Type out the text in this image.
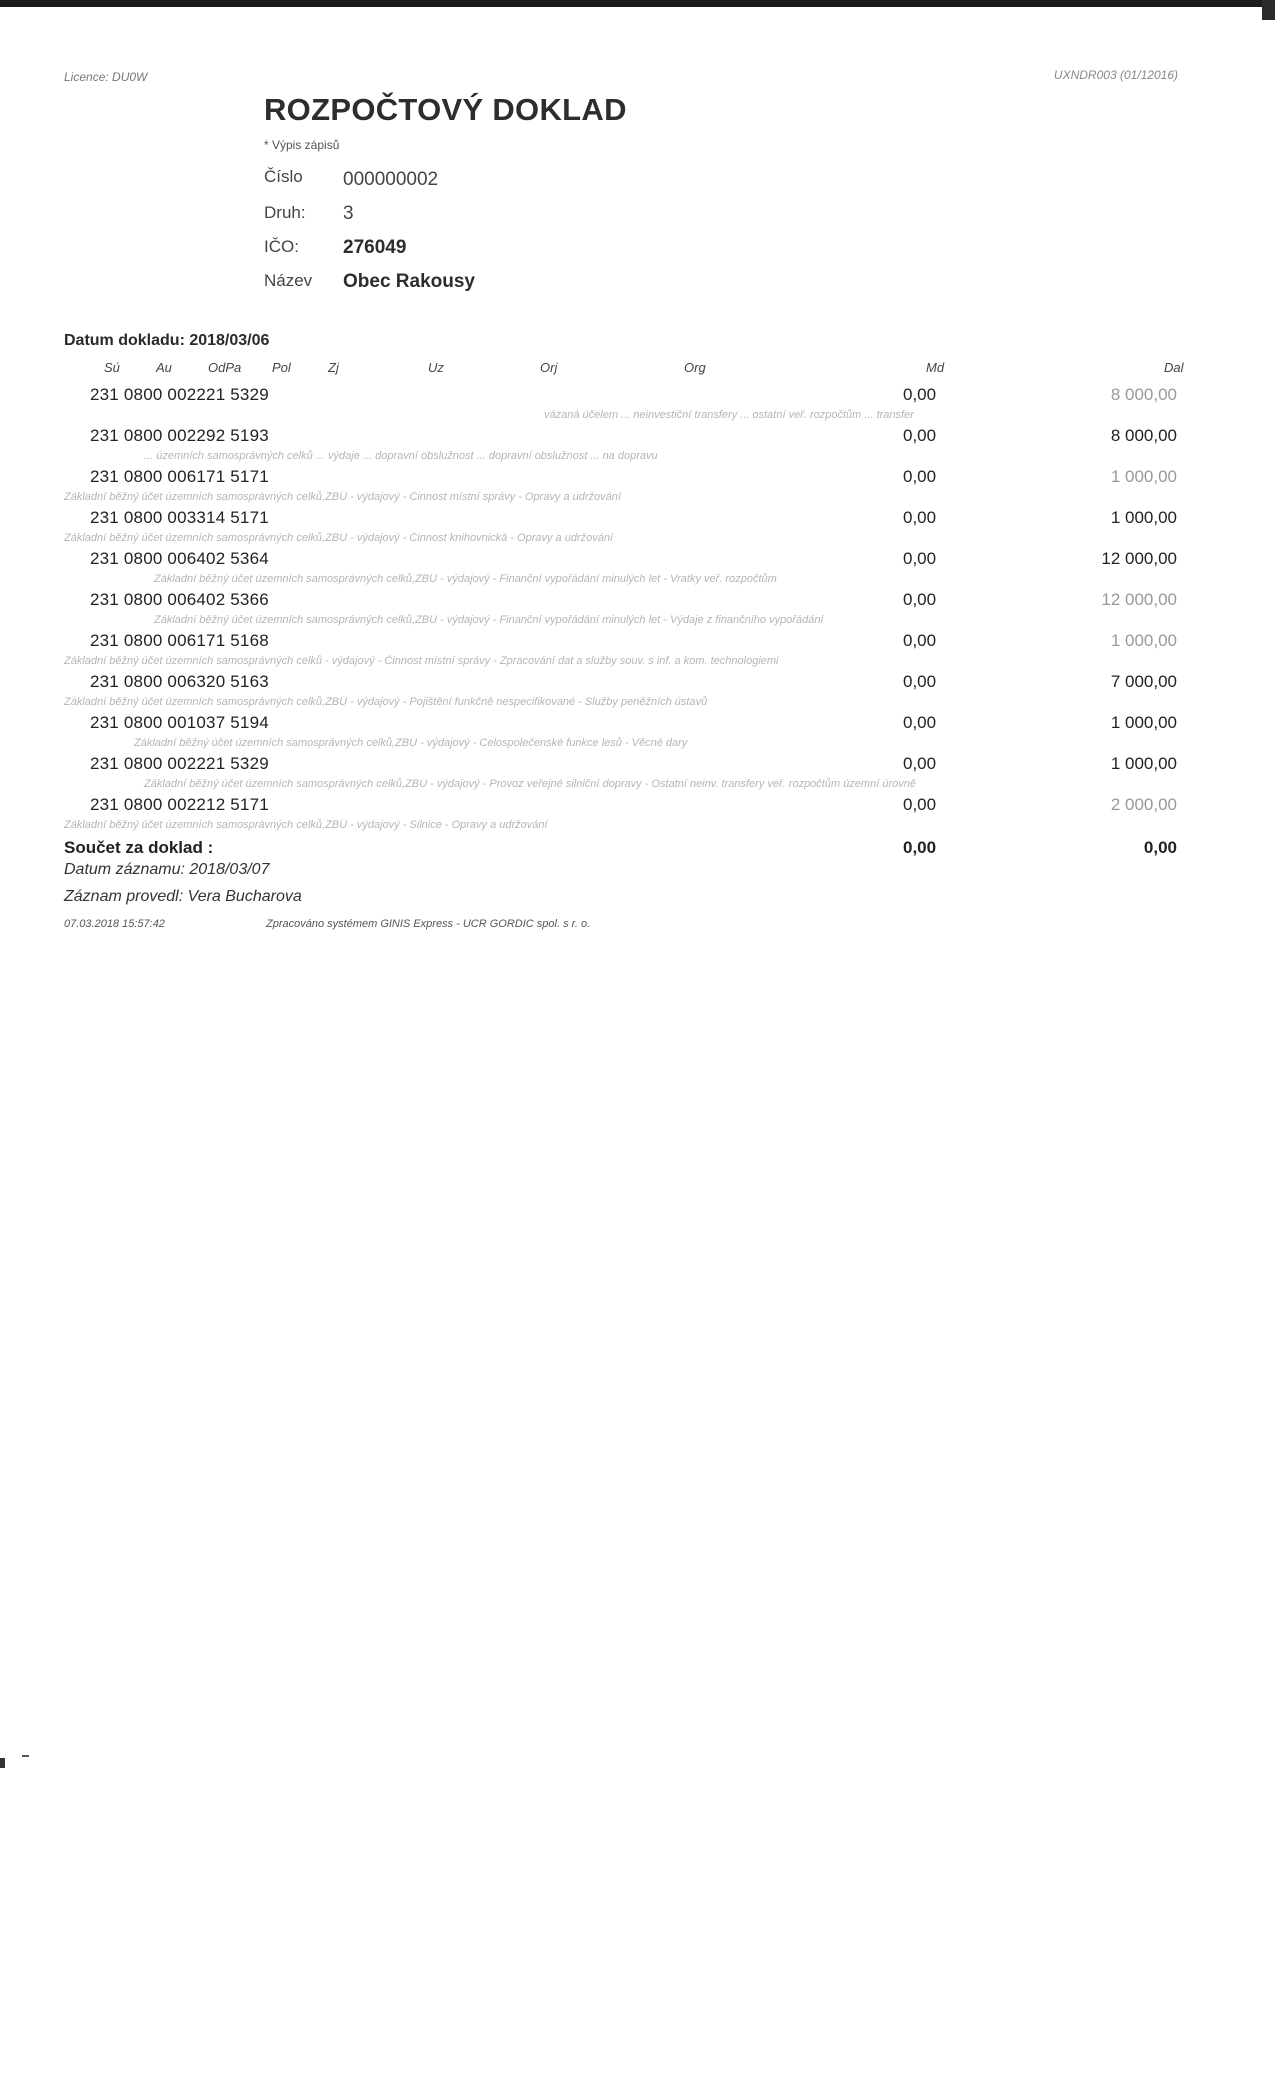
Licence: DU0W	UXNDR003 (01/12016)
ROZPOČTOVÝ DOKLAD
* Výpis zápisů
Číslo 000000002
Druh: 3
IČO: 276049
Název Obec Rakousy
Datum dokladu: 2018/03/06
Sú	Au	OdPa Pol	Zj	Uz	Orj	Org	Md	Dal
231 0800 002221 5329	0,00	8 000,00
vázaná účelem ... neinvestiční transfery ... ostatní veř. rozpočtům ... transfer
231 0800 002292 5193	0,00	8 000,00
... územních samosprávných celků ... výdaje ... dopravní obslužnost ... dopravní obslužnost ... na dopravu
231 0800 006171 5171	0,00	1 000,00
Základní běžný účet územních samosprávných celků,ZBÚ - výdajový - Činnost místní správy - Opravy a udržování
231 0800 003314 5171	0,00	1 000,00
Základní běžný účet územních samosprávných celků,ZBÚ - výdajový - Činnost knihovnická - Opravy a udržování
231 0800 006402 5364	0,00	12 000,00
Základní běžný účet územních samosprávných celků,ZBÚ - výdajový - Finanční vypořádání minulých let - Vratky veř. rozpočtům
231 0800 006402 5366	0,00	12 000,00
Základní běžný účet územních samosprávných celků,ZBÚ - výdajový - Finanční vypořádání minulých let - Výdaje z finančního vypořádání
231 0800 006171 5168	0,00	1 000,00
Základní běžný účet územních samosprávných celků - výdajový - Činnost místní správy - Zpracování dat a služby souv. s inf. a kom. technologiemi
231 0800 006320 5163	0,00	7 000,00
Základní běžný účet územních samosprávných celků,ZBÚ - výdajový - Pojištění funkčně nespecifikované - Služby peněžních ústavů
231 0800 001037 5194	0,00	1 000,00
Základní běžný účet územních samosprávných celků,ZBÚ - výdajový - Celospolečenské funkce lesů - Věcné dary
231 0800 002221 5329	0,00	1 000,00
Základní běžný účet územních samosprávných celků,ZBÚ - výdajový - Provoz veřejné silniční dopravy - Ostatní neinv. transfery veř. rozpočtům územní úrovně
231 0800 002212 5171	0,00	2 000,00
Základní běžný účet územních samosprávných celků,ZBÚ - výdajový - Silnice - Opravy a udržování
Součet za doklad :	0,00	0,00
Datum záznamu: 2018/03/07
Záznam provedl: Vera Bucharova
07.03.2018 15:57:42	Zpracováno systémem GINIS Express - UCR GORDIC spol. s r. o.
